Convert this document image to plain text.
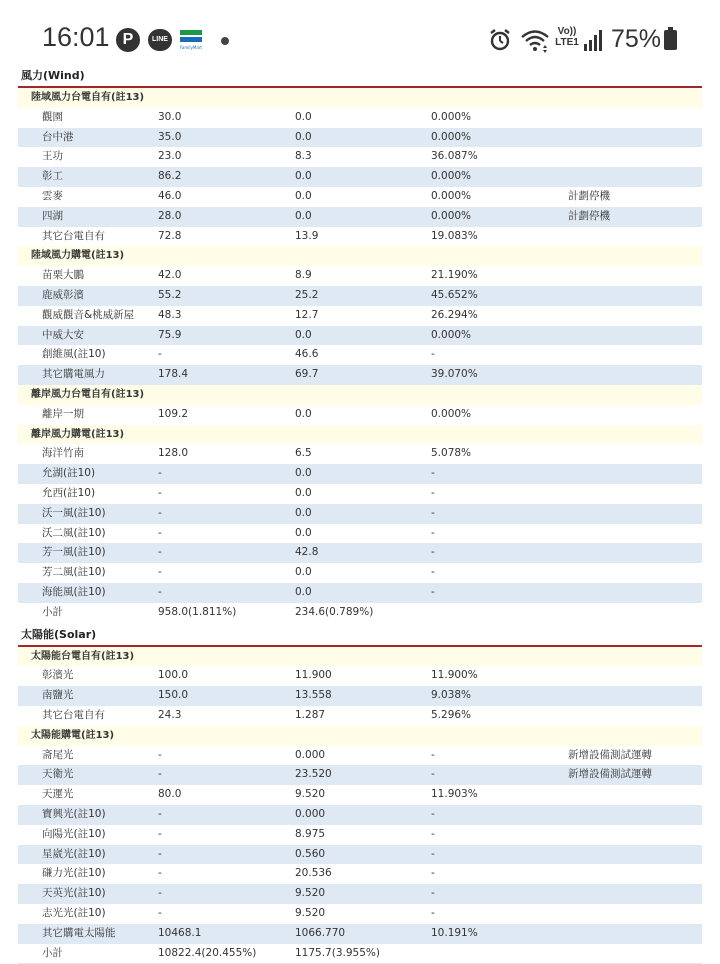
16:01 P	LINE
FamilyMart
Vo)) LTE1 75%
風力(Wind)
陸域風力台電自有(註13)
觀園	30.0	0.0	0.000%
台中港	35.0	0.0	0.000%
王功	23.0	8.3	36.087%
彰工	86.2	0.0	0.000%
雲麥	46.0	0.0	0.000%	計劃停機
四湖	28.0	0.0	0.000%	計劃停機
其它台電自有	72.8	13.9	19.083%
陸域風力購電(註13)
苗栗大鵬	42.0	8.9	21.190%
鹿威彰濱	55.2	25.2	45.652%
觀威觀音&桃威新屋 48.3	12.7	26.294%
中威大安	75.9	0.0	0.000%
創維風(註10)	-	46.6	-
其它購電風力	178.4	69.7	39.070%
離岸風力台電自有(註13)
離岸一期	109.2	0.0	0.000%
離岸風力購電(註13)
海洋竹南	128.0	6.5	5.078%
允湖(註10)	-	0.0	-
允西(註10)	-	0.0	-
沃一風(註10)	-	0.0	-
沃二風(註10)	-	0.0	-
芳一風(註10)	-	42.8	-
芳二風(註10)	-	0.0	-
海能風(註10)	-	0.0	-
小計	958.0(1.811%)	234.6(0.789%)
太陽能(Solar)
太陽能台電自有(註13)
彰濱光	100.0	11.900	11.900%
南鹽光	150.0	13.558	9.038%
其它台電自有	24.3	1.287	5.296%
太陽能購電(註13)
斋尾光	-	0.000	-	新增設備測試運轉
天衛光	-	23.520	-	新增設備測試運轉
天運光	80.0	9.520	11.903%
寶興光(註10)	-	0.000	-
向陽光(註10)	-	8.975	-
星崴光(註10)	-	0.560	-
磏力光(註10)	-	20.536	-
天英光(註10)	-	9.520	-
志光光(註10)	-	9.520	-
其它購電太陽能	10468.1	1066.770	10.191%
小計	10822.4(20.455%)	1175.7(3.955%)
